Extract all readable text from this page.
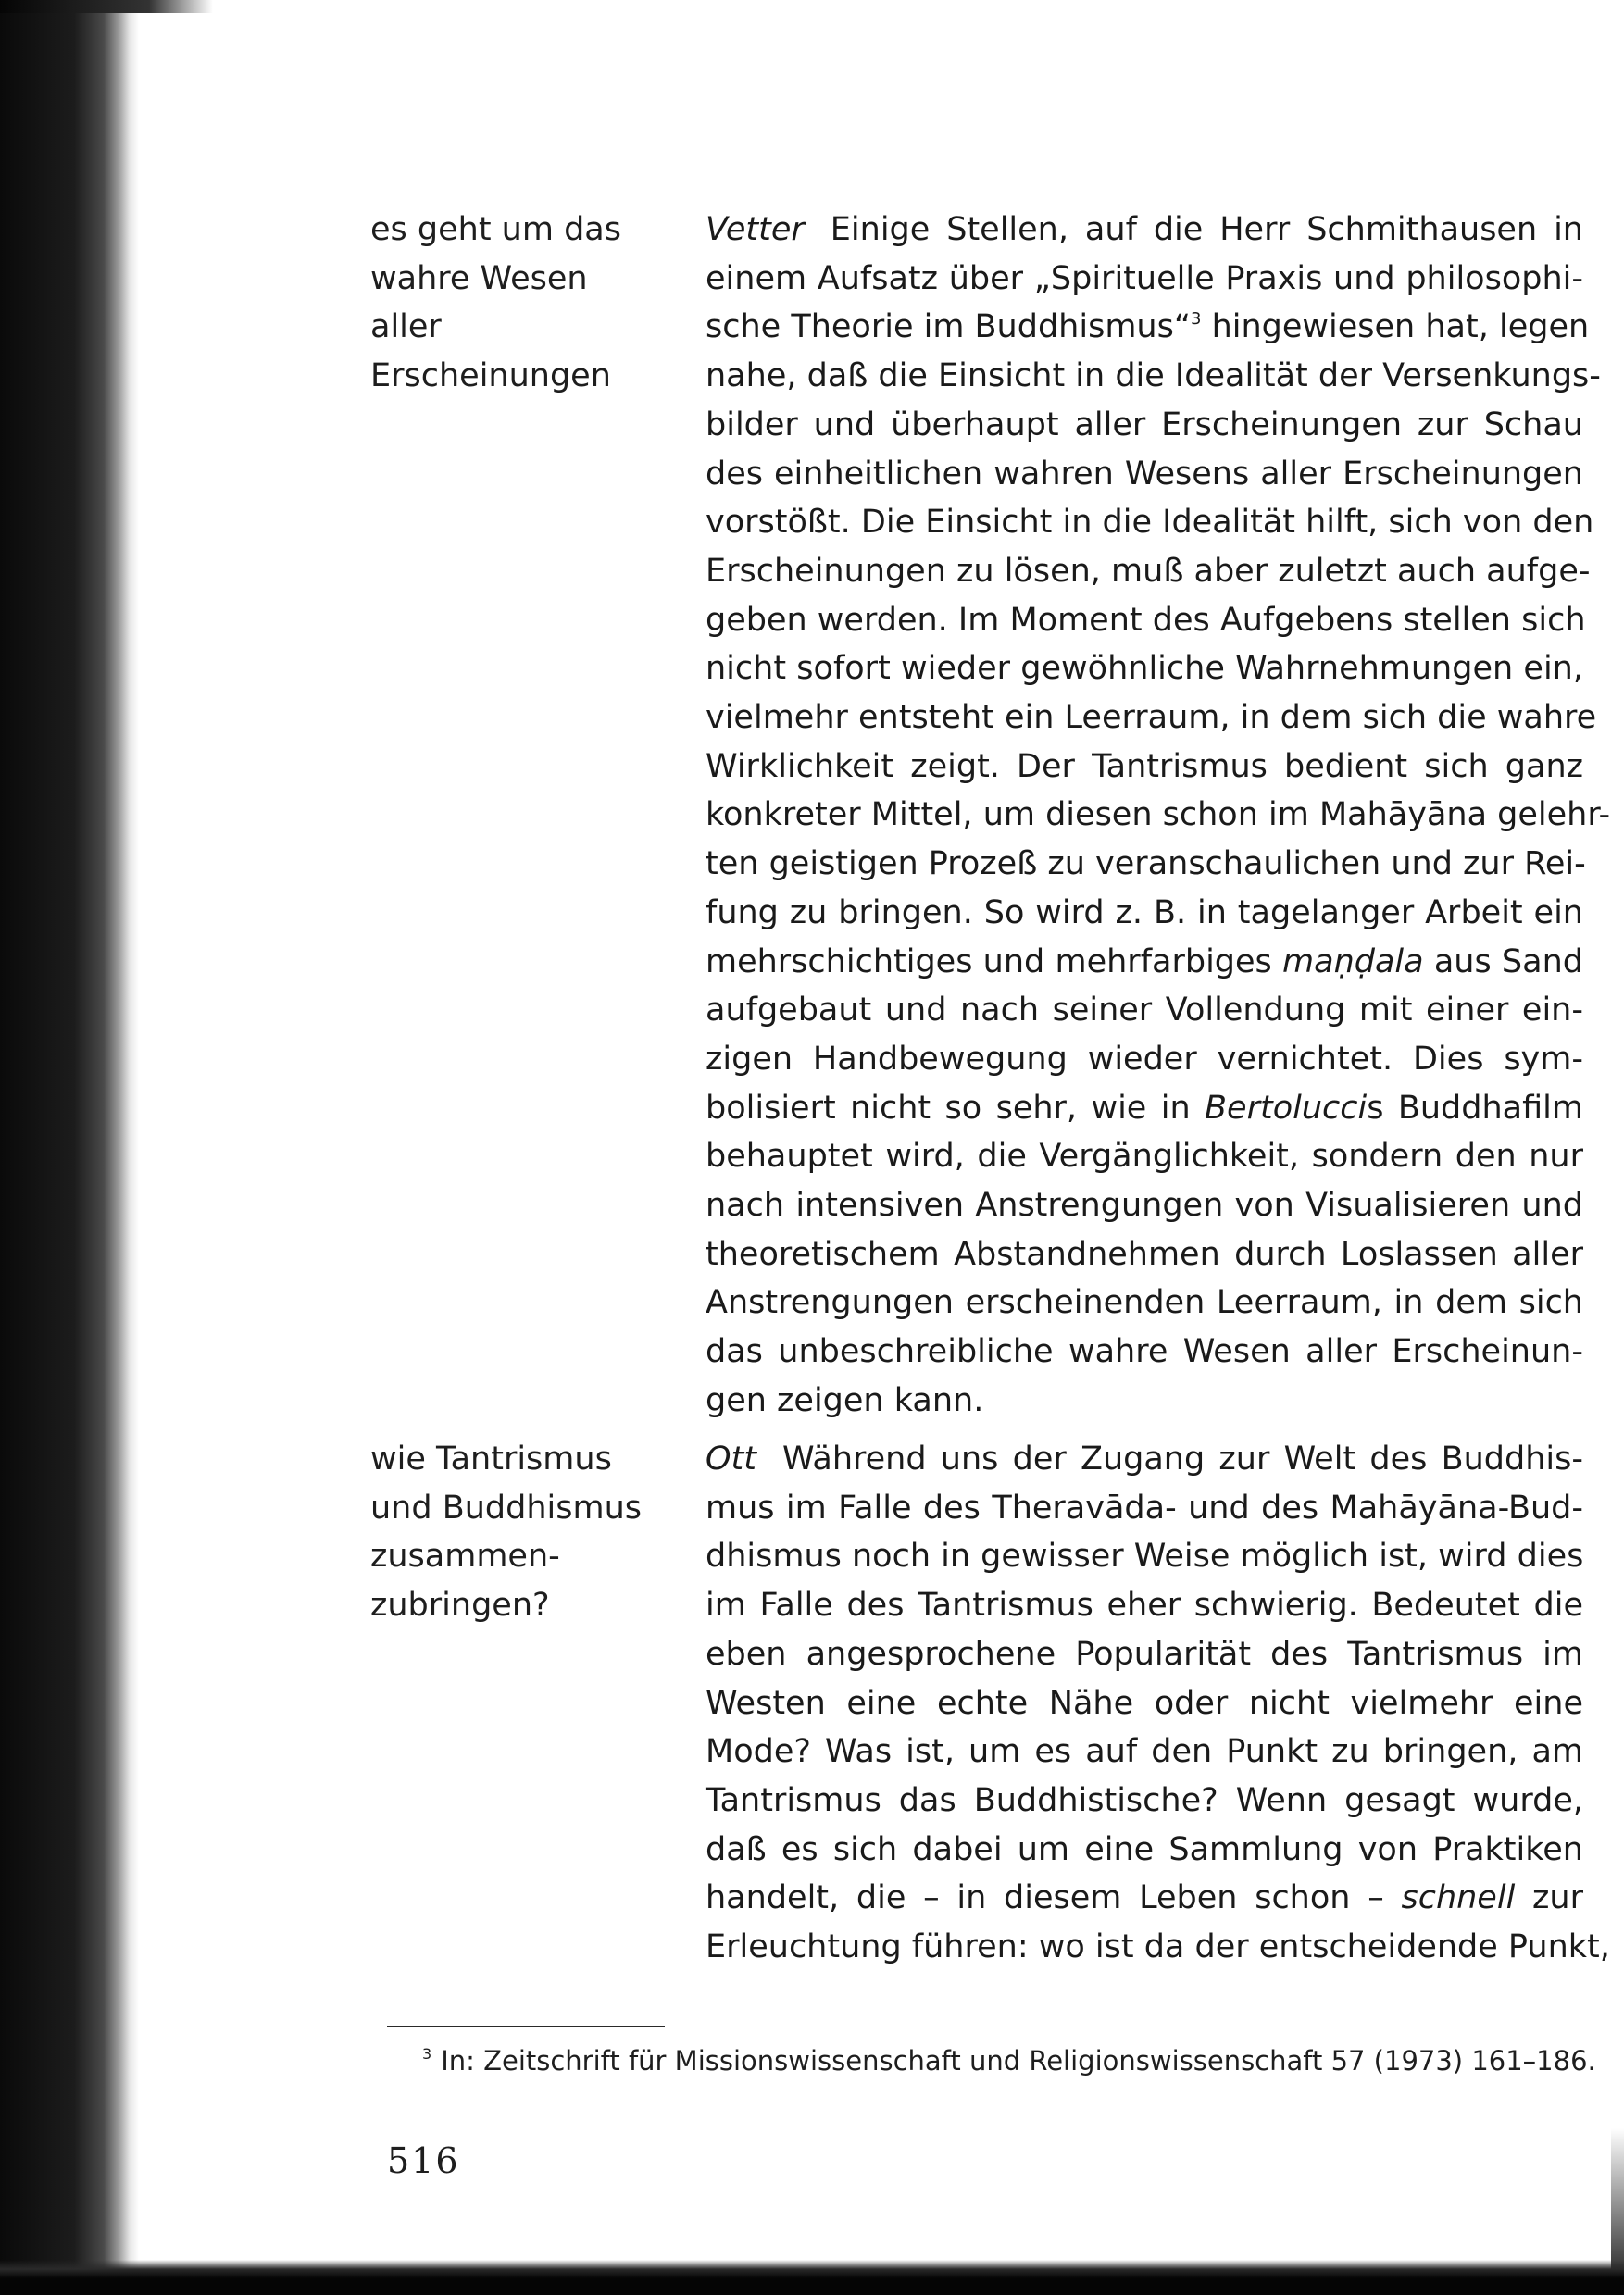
es geht um das
wahre Wesen
aller
Erscheinungen

wie Tantrismus
und Buddhismus
zusammen-
zubringen?

Vetter Einige Stellen, auf die Herr Schmithausen in
einem Aufsatz über „Spirituelle Praxis und philosophi-
sche Theorie im Buddhismus“$^3$ hingewiesen hat, legen
nahe, daß die Einsicht in die Idealität der Versenkungs-
bilder und überhaupt aller Erscheinungen zur Schau
des einheitlichen wahren Wesens aller Erscheinungen
vorstößt. Die Einsicht in die Idealität hilft, sich von den
Erscheinungen zu lösen, muß aber zuletzt auch aufge-
geben werden. Im Moment des Aufgebens stellen sich
nicht sofort wieder gewöhnliche Wahrnehmungen ein,
vielmehr entsteht ein Leerraum, in dem sich die wahre
Wirklichkeit zeigt. Der Tantrismus bedient sich ganz
konkreter Mittel, um diesen schon im Mahāyāna gelehr-
ten geistigen Prozeß zu veranschaulichen und zur Rei-
fung zu bringen. So wird z. B. in tagelanger Arbeit ein
mehrschichtiges und mehrfarbiges maṇḍala aus Sand
aufgebaut und nach seiner Vollendung mit einer ein-
zigen Handbewegung wieder vernichtet. Dies sym-
bolisiert nicht so sehr, wie in Bertoluccis Buddhafilm
behauptet wird, die Vergänglichkeit, sondern den nur
nach intensiven Anstrengungen von Visualisieren und
theoretischem Abstandnehmen durch Loslassen aller
Anstrengungen erscheinenden Leerraum, in dem sich
das unbeschreibliche wahre Wesen aller Erscheinun-
gen zeigen kann.
Ott Während uns der Zugang zur Welt des Buddhis-
mus im Falle des Theravāda- und des Mahāyāna-Bud-
dhismus noch in gewisser Weise möglich ist, wird dies
im Falle des Tantrismus eher schwierig. Bedeutet die
eben angesprochene Popularität des Tantrismus im
Westen eine echte Nähe oder nicht vielmehr eine
Mode? Was ist, um es auf den Punkt zu bringen, am
Tantrismus das Buddhistische? Wenn gesagt wurde,
daß es sich dabei um eine Sammlung von Praktiken
handelt, die – in diesem Leben schon – schnell zur
Erleuchtung führen: wo ist da der entscheidende Punkt,
$^3$ In: Zeitschrift für Missionswissenschaft und Religionswissenschaft 57 (1973) 161–186.
516
